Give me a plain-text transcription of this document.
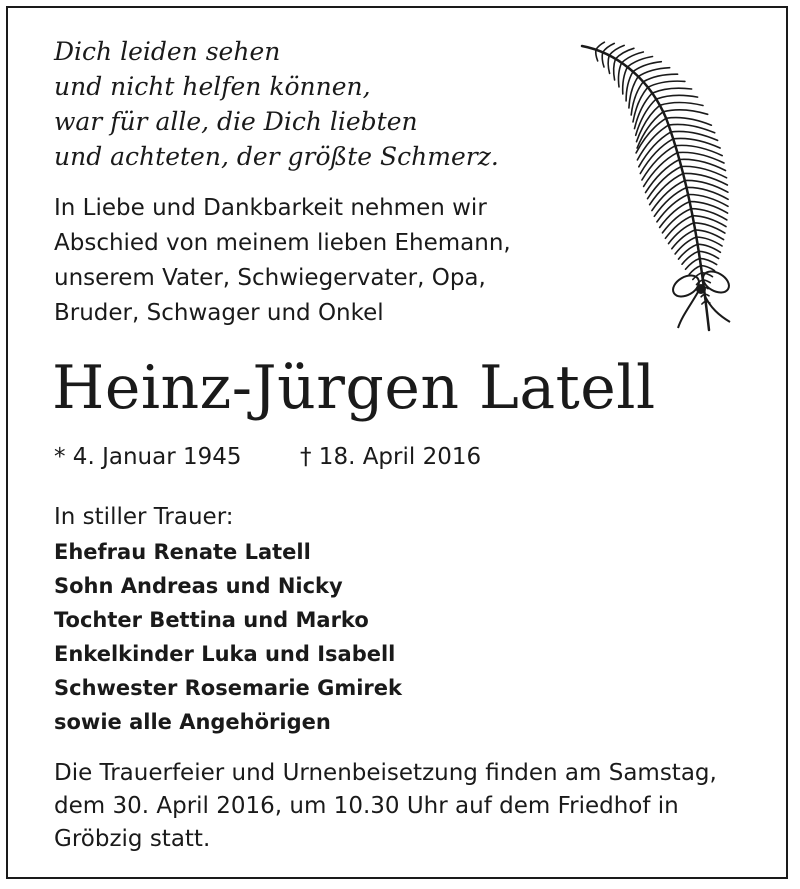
Dich leiden sehen
und nicht helfen können,
war für alle, die Dich liebten
und achteten, der größte Schmerz.

In Liebe und Dankbarkeit nehmen wir
Abschied von meinem lieben Ehemann,
unserem Vater, Schwiegervater, Opa,
Bruder, Schwager und Onkel

Heinz-Jürgen Latell
* 4. Januar 1945	† 18. April 2016
In stiller Trauer:

Ehefrau Renate Latell
Sohn Andreas und Nicky
Tochter Bettina und Marko
Enkelkinder Luka und Isabell
Schwester Rosemarie Gmirek
sowie alle Angehörigen

Die Trauerfeier und Urnenbeisetzung finden am Samstag,
dem 30. April 2016, um 10.30 Uhr auf dem Friedhof in
Gröbzig statt.
